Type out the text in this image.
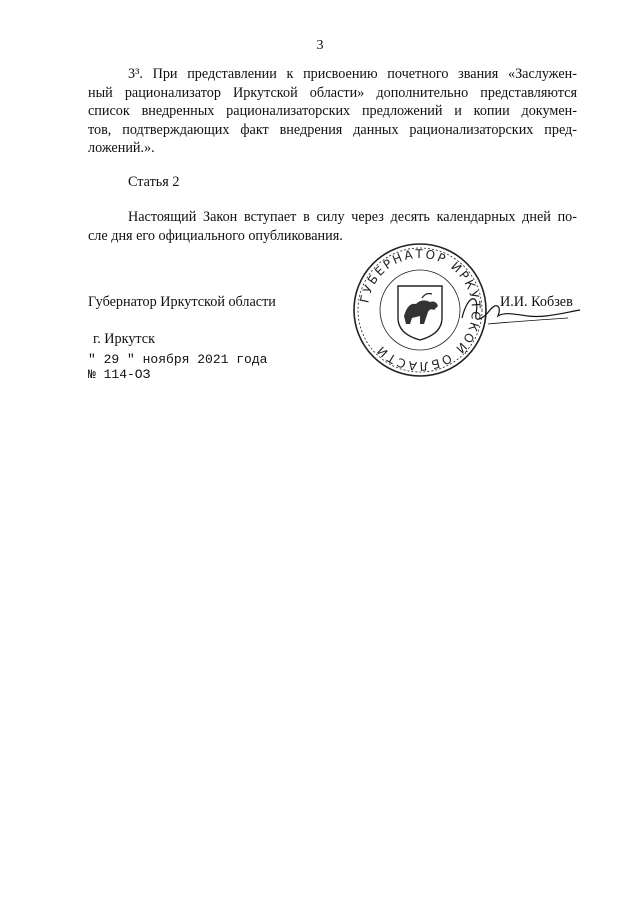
3
3³. При представлении к присвоению почетного звания «Заслужен-
ный рационализатор Иркутской области» дополнительно представляются
список внедренных рационализаторских предложений и копии докумен-
тов, подтверждающих факт внедрения данных рационализаторских пред-
ложений.».
Статья 2
Настоящий Закон вступает в силу через десять календарных дней по-
сле дня его официального опубликования.
ГУБЕРНАТОР ИРКУТСКОЙ ОБЛАСТИ
Губернатор Иркутской области	И.И. Кобзев
г. Иркутск
" 29 " ноября 2021 года
№ 114-ОЗ
